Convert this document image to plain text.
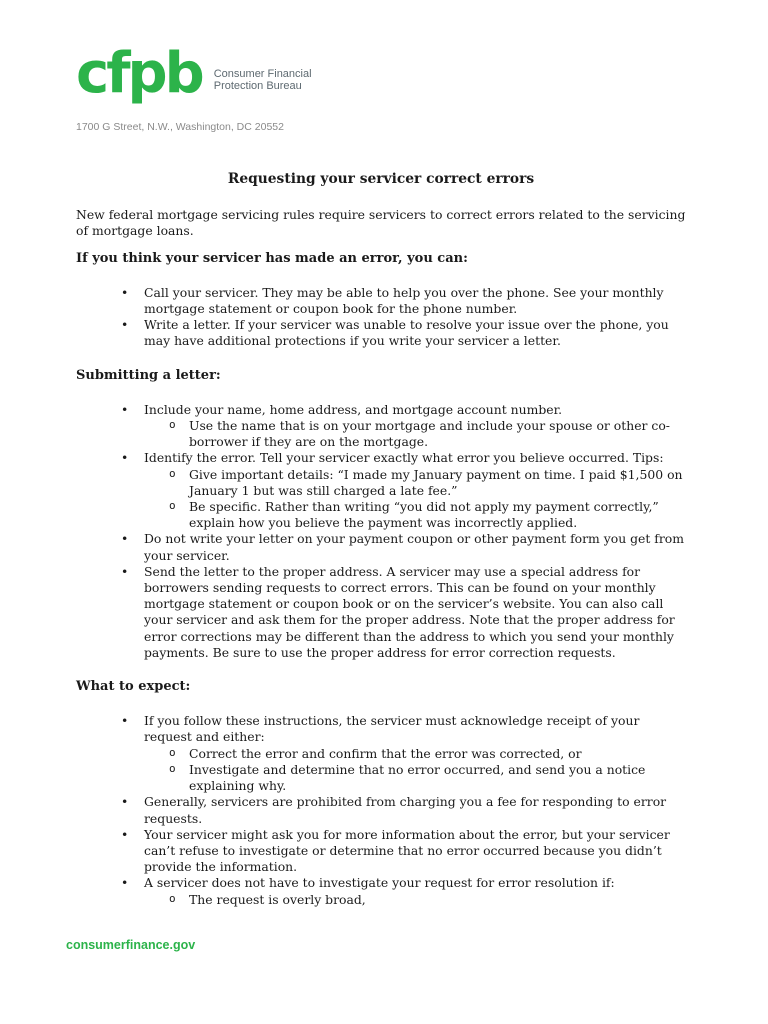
cfpb Consumer Financial
Protection Bureau
1700 G Street, N.W., Washington, DC 20552
Requesting your servicer correct errors

New federal mortgage servicing rules require servicers to correct errors related to the servicing of mortgage loans.

If you think your servicer has made an error, you can:

• Call your servicer. They may be able to help you over the phone. See your monthly mortgage statement or coupon book for the phone number.
• Write a letter. If your servicer was unable to resolve your issue over the phone, you may have additional protections if you write your servicer a letter.

Submitting a letter:

• Include your name, home address, and mortgage account number.
o Use the name that is on your mortgage and include your spouse or other co-borrower if they are on the mortgage.
• Identify the error. Tell your servicer exactly what error you believe occurred. Tips:
o Give important details: “I made my January payment on time. I paid $1,500 on January 1 but was still charged a late fee.”
o Be specific. Rather than writing “you did not apply my payment correctly,” explain how you believe the payment was incorrectly applied.
• Do not write your letter on your payment coupon or other payment form you get from your servicer.
• Send the letter to the proper address. A servicer may use a special address for borrowers sending requests to correct errors. This can be found on your monthly mortgage statement or coupon book or on the servicer’s website. You can also call your servicer and ask them for the proper address. Note that the proper address for error corrections may be different than the address to which you send your monthly payments. Be sure to use the proper address for error correction requests.

What to expect:

• If you follow these instructions, the servicer must acknowledge receipt of your request and either:
o Correct the error and confirm that the error was corrected, or
o Investigate and determine that no error occurred, and send you a notice explaining why.
• Generally, servicers are prohibited from charging you a fee for responding to error requests.
• Your servicer might ask you for more information about the error, but your servicer can’t refuse to investigate or determine that no error occurred because you didn’t provide the information.
• A servicer does not have to investigate your request for error resolution if:
o The request is overly broad,
consumerfinance.gov
